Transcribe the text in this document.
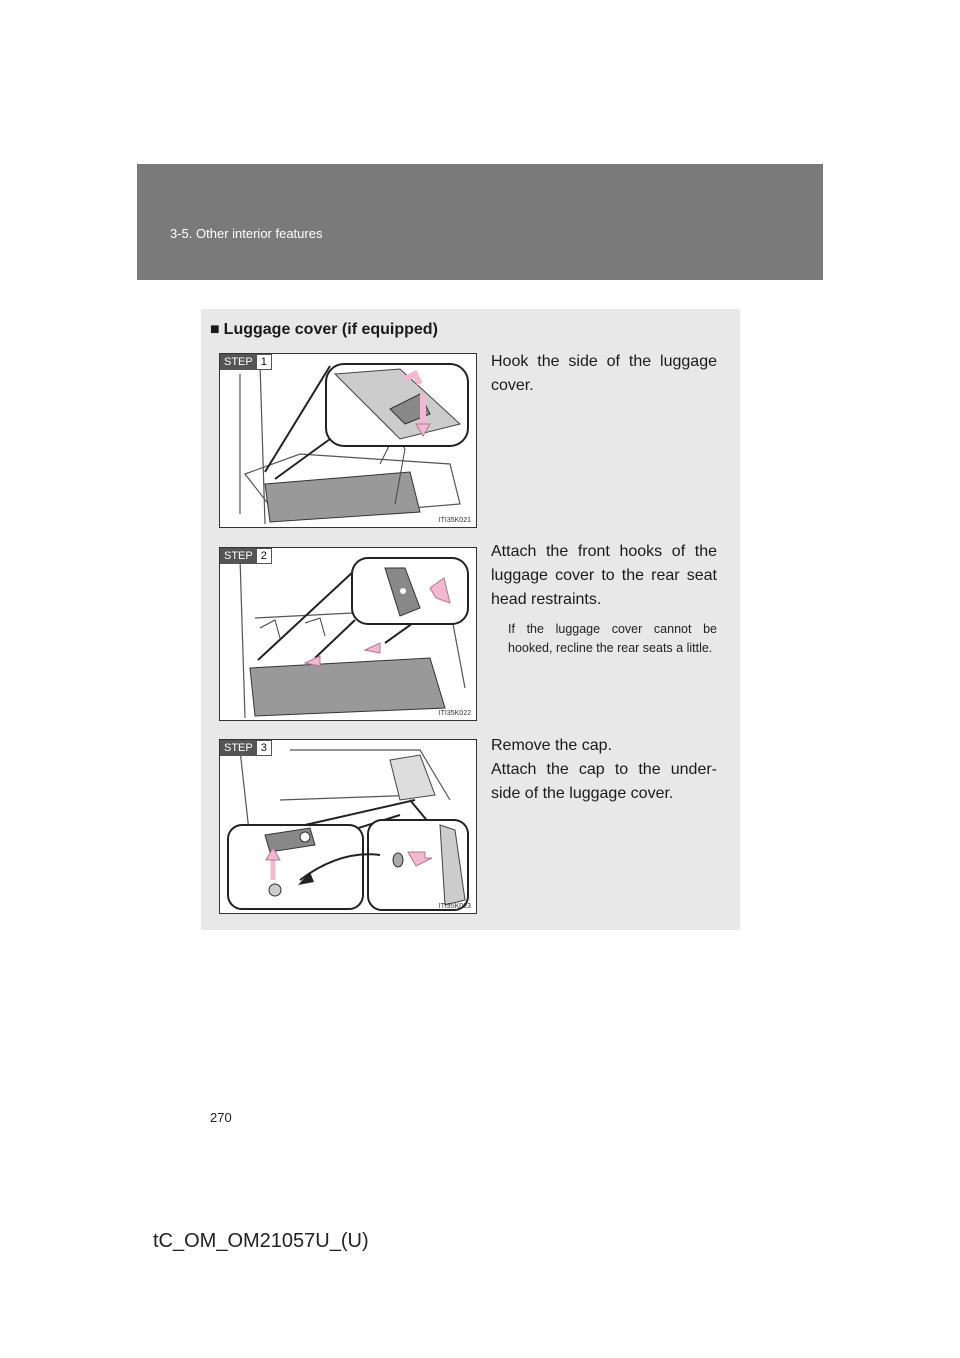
3-5. Other interior features
■ Luggage cover (if equipped)
STEP 1
ITI35K021
Hook the side of the luggage cover.
STEP 2
ITI35K022
Attach the front hooks of the luggage cover to the rear seat head restraints.
If the luggage cover cannot be hooked, recline the rear seats a little.
STEP 3
ITI35K023
Remove the cap.
Attach the cap to the under-side of the luggage cover.
270
tC_OM_OM21057U_(U)
